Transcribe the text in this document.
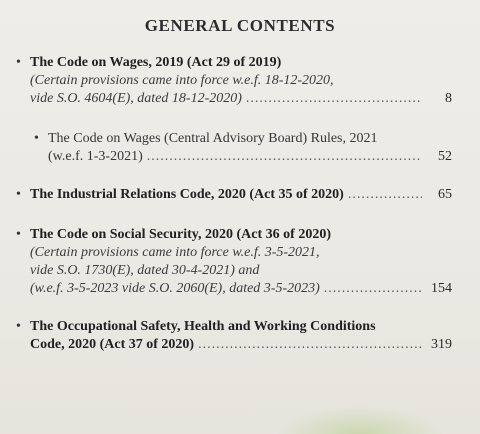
GENERAL CONTENTS
• The Code on Wages, 2019 (Act 29 of 2019)
(Certain provisions came into force w.e.f. 18-12-2020,
vide S.O. 4604(E), dated 18-12-2020) .....	8
• The Code on Wages (Central Advisory Board) Rules, 2021
(w.e.f. 1-3-2021) .....	52
• The Industrial Relations Code, 2020 (Act 35 of 2020) .....	65
• The Code on Social Security, 2020 (Act 36 of 2020)
(Certain provisions came into force w.e.f. 3-5-2021,
vide S.O. 1730(E), dated 30-4-2021) and
(w.e.f. 3-5-2023 vide S.O. 2060(E), dated 3-5-2023) .....	154
• The Occupational Safety, Health and Working Conditions
Code, 2020 (Act 37 of 2020) .....	319
